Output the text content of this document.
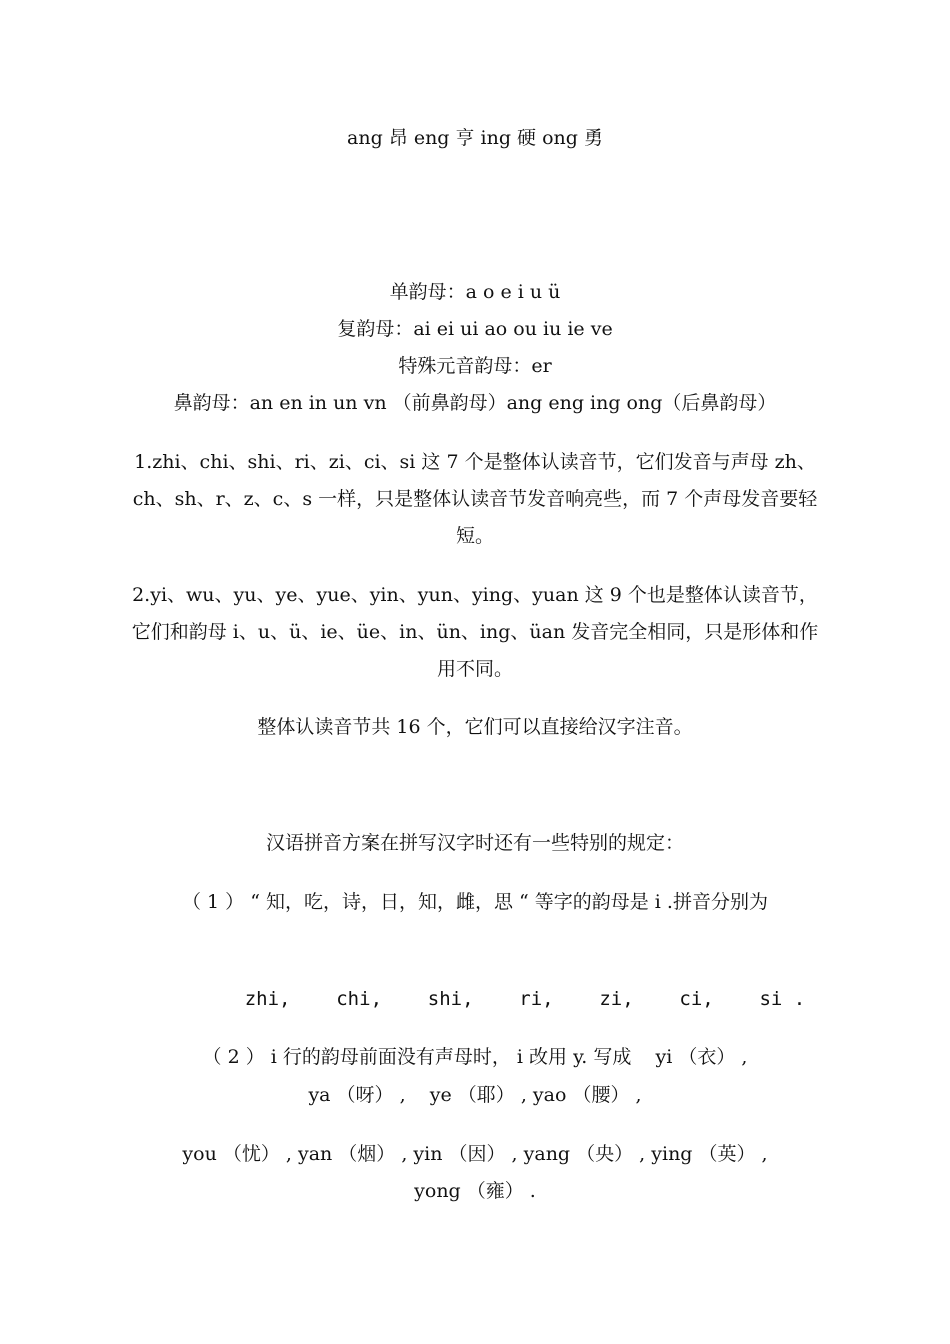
ang 昂 eng 亨 ing 硬 ong 勇
单韵母：a o e i u ü
复韵母：ai ei ui ao ou iu ie ve
特殊元音韵母：er
鼻韵母：an en in un vn （前鼻韵母）ang eng ing ong（后鼻韵母）
1.zhi、chi、shi、ri、zi、ci、si 这 7 个是整体认读音节，它们发音与声母 zh、ch、sh、r、z、c、s 一样，只是整体认读音节发音响亮些，而 7 个声母发音要轻短。
2.yi、wu、yu、ye、yue、yin、yun、ying、yuan 这 9 个也是整体认读音节，它们和韵母 i、u、ü、ie、üe、in、ün、ing、üan 发音完全相同，只是形体和作用不同。
整体认读音节共 16 个，它们可以直接给汉字注音。
汉语拼音方案在拼写汉字时还有一些特别的规定：
（ 1 ） “ 知，吃，诗，日，知，雌，思 “ 等字的韵母是 i .拼音分别为
zhi,    chi,    shi,    ri,    zi,    ci,    si .
（ 2 ） i 行的韵母前面没有声母时， i 改用 y. 写成    yi （衣） ,
ya （呀） ,    ye （耶） , yao （腰） ,
you （忧） , yan （烟） , yin （因） , yang （央） , ying （英） ,
yong （雍） .
